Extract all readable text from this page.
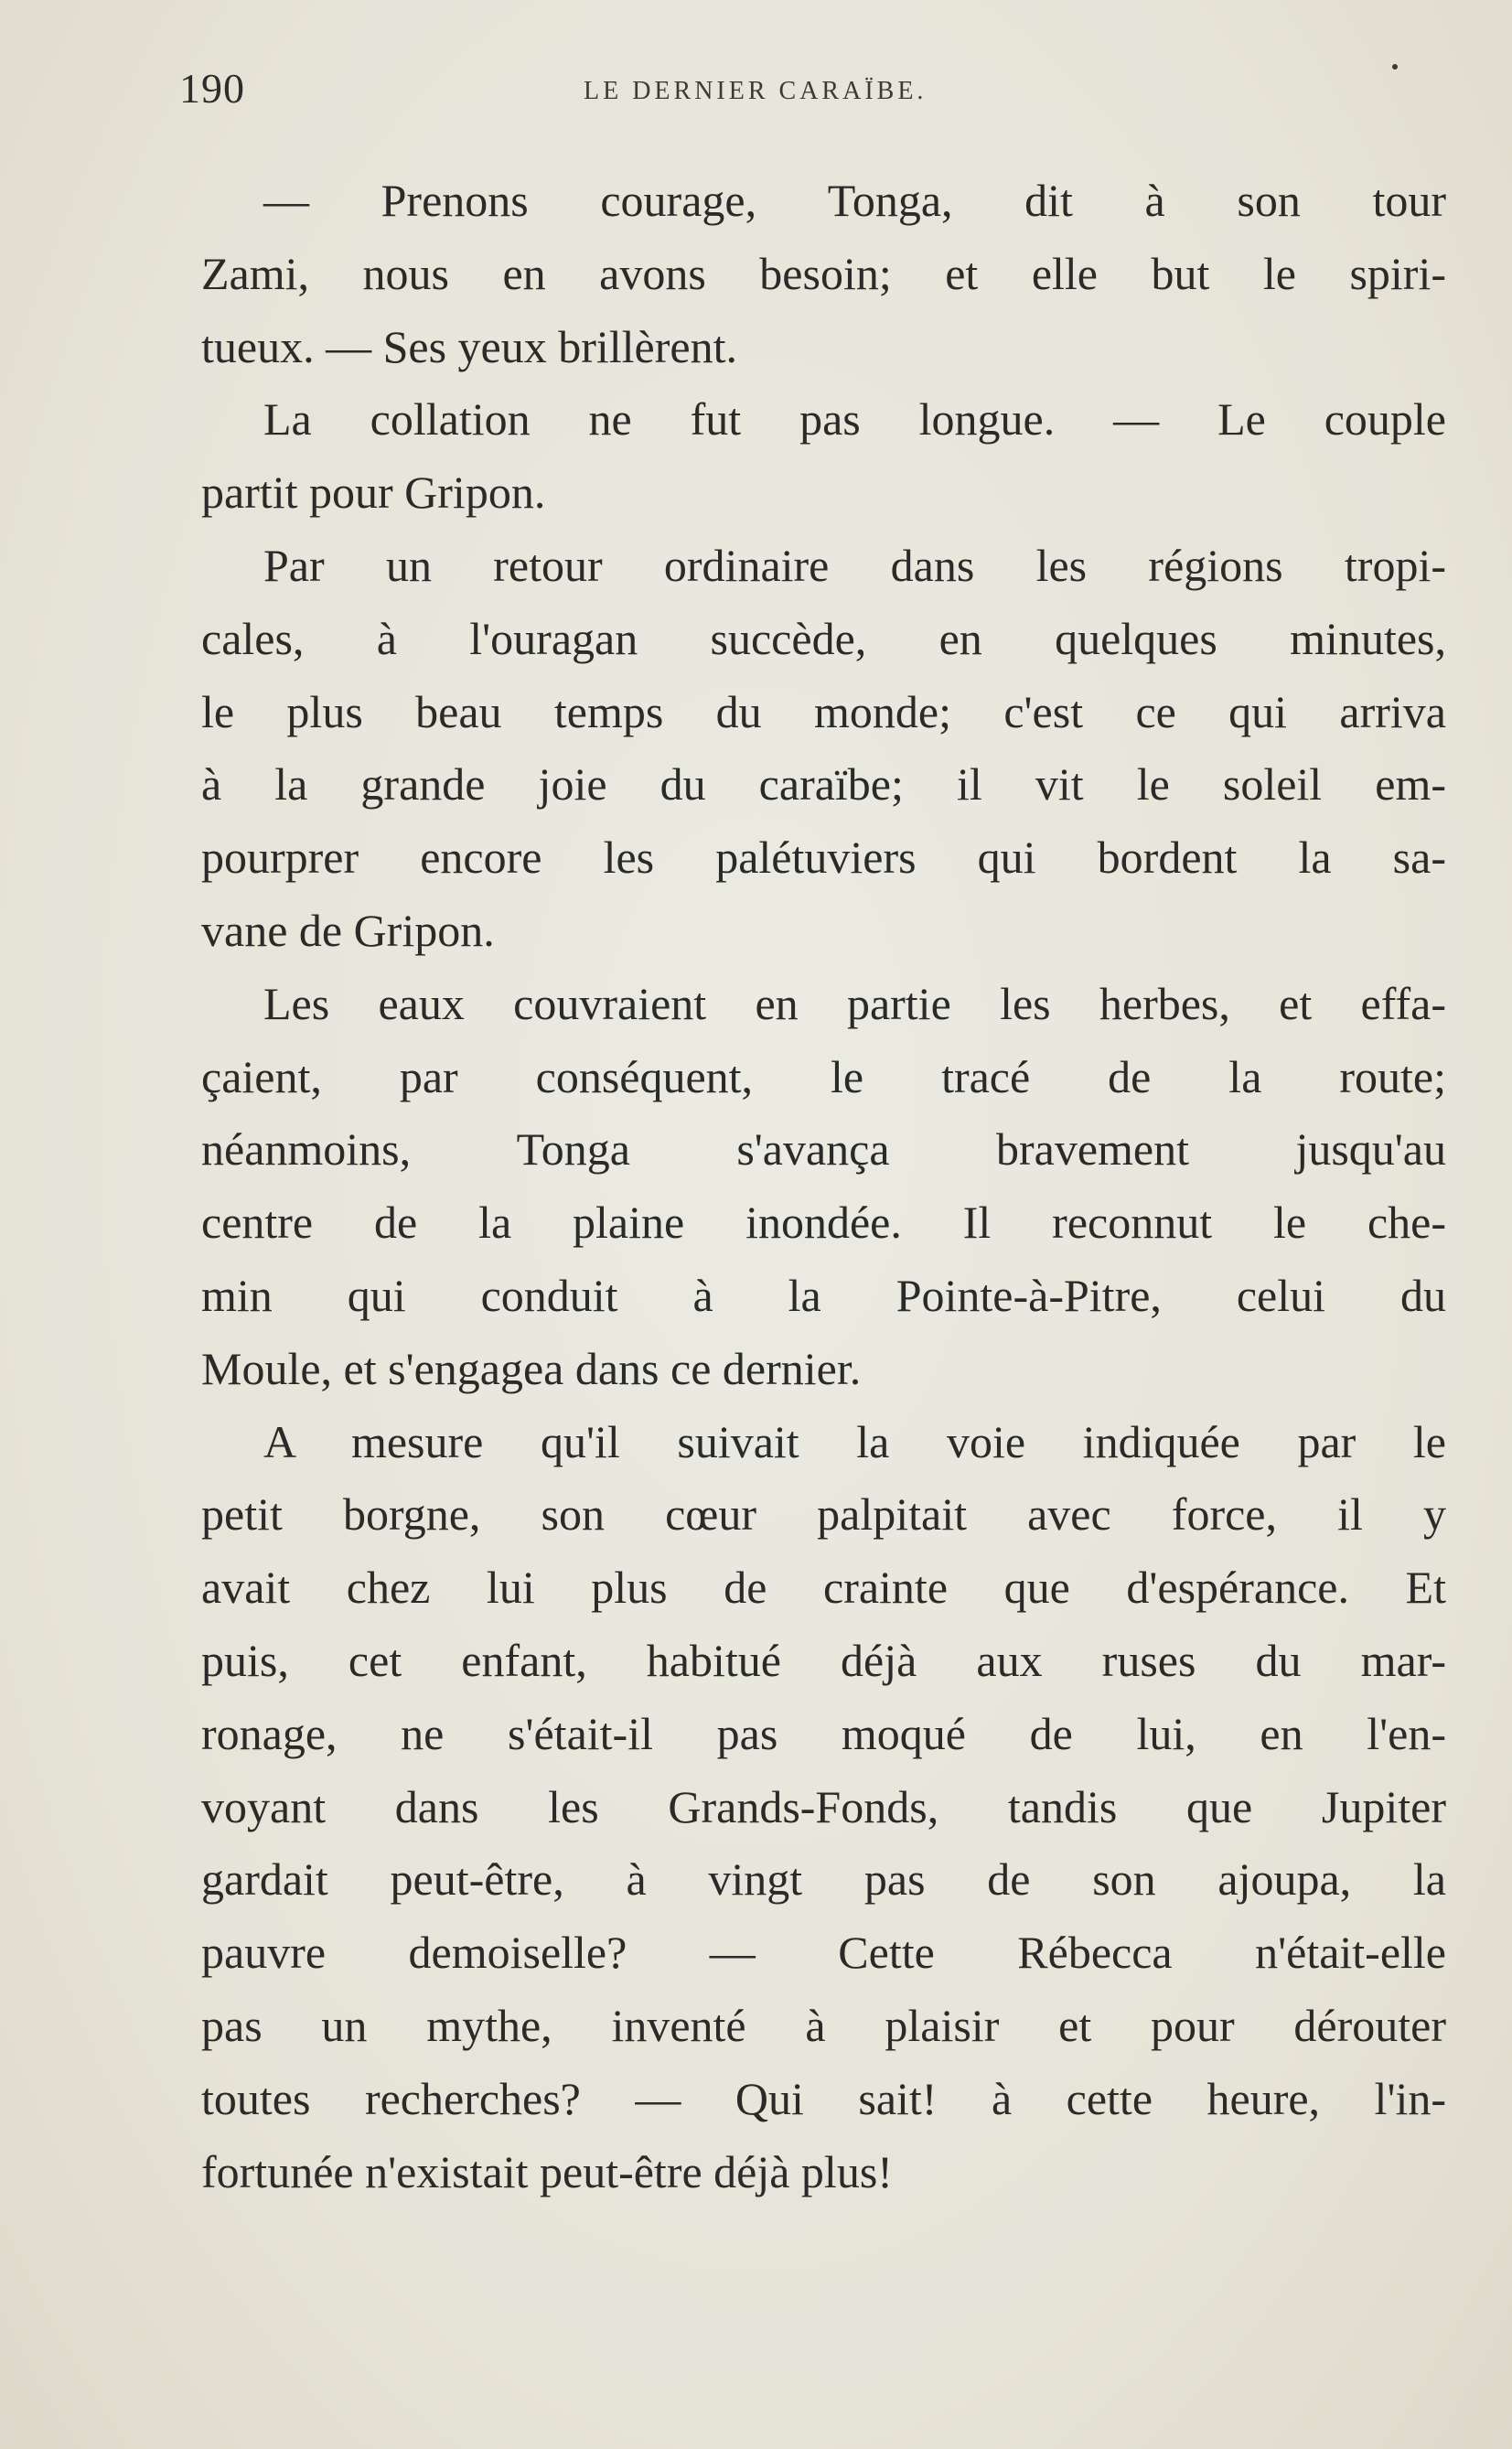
190	LE DERNIER CARAÏBE.
— Prenons courage, Tonga, dit à son tour
Zami, nous en avons besoin; et elle but le spiri-
tueux. — Ses yeux brillèrent.
La collation ne fut pas longue. — Le couple
partit pour Gripon.
Par un retour ordinaire dans les régions tropi-
cales, à l'ouragan succède, en quelques minutes,
le plus beau temps du monde; c'est ce qui arriva
à la grande joie du caraïbe; il vit le soleil em-
pourprer encore les palétuviers qui bordent la sa-
vane de Gripon.
Les eaux couvraient en partie les herbes, et effa-
çaient, par conséquent, le tracé de la route;
néanmoins, Tonga s'avança bravement jusqu'au
centre de la plaine inondée. Il reconnut le che-
min qui conduit à la Pointe-à-Pitre, celui du
Moule, et s'engagea dans ce dernier.
A mesure qu'il suivait la voie indiquée par le
petit borgne, son cœur palpitait avec force, il y
avait chez lui plus de crainte que d'espérance. Et
puis, cet enfant, habitué déjà aux ruses du mar-
ronage, ne s'était-il pas moqué de lui, en l'en-
voyant dans les Grands-Fonds, tandis que Jupiter
gardait peut-être, à vingt pas de son ajoupa, la
pauvre demoiselle? — Cette Rébecca n'était-elle
pas un mythe, inventé à plaisir et pour dérouter
toutes recherches? — Qui sait! à cette heure, l'in-
fortunée n'existait peut-être déjà plus!
